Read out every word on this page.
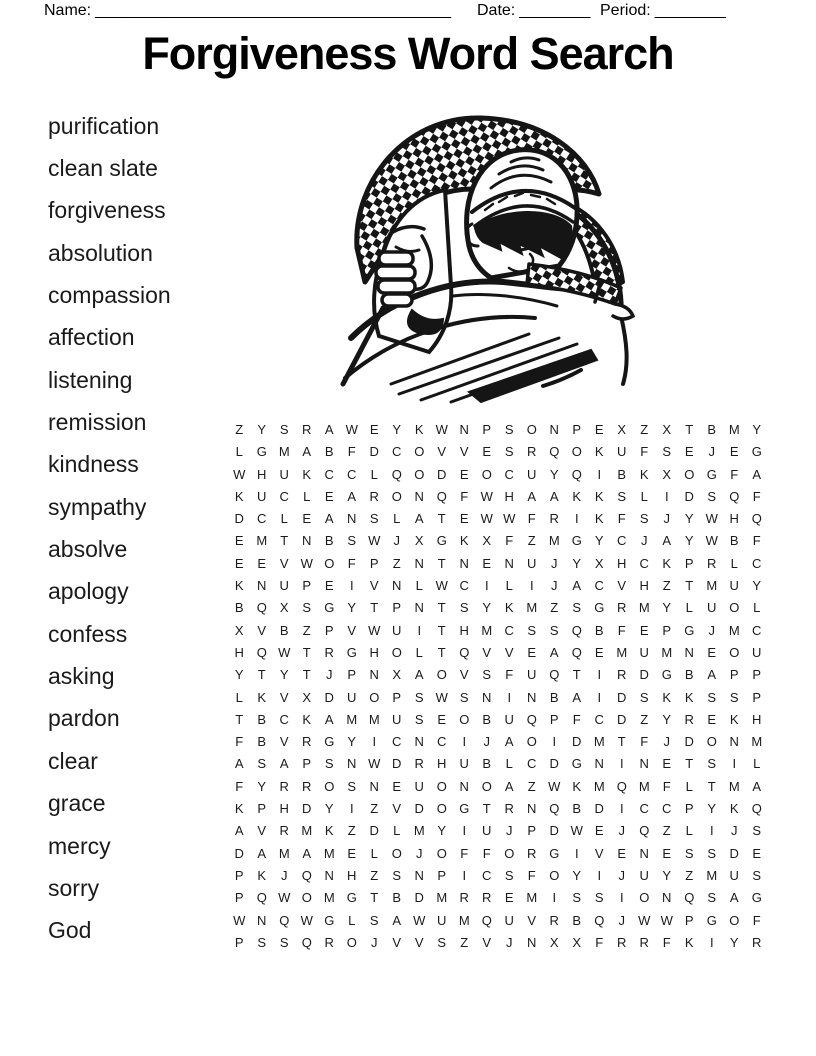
Name: ________________________________________ Date: ________ Period: ________
Forgiveness Word Search
purification
clean slate
forgiveness
absolution
compassion
affection
listening
remission
kindness
sympathy
absolve
apology
confess
asking
pardon
clear
grace
mercy
sorry
God
Z	Y	S	R	A W E	Y	K W N	P	S	O N	P	E	X	Z	X	T	B M Y
L	G M A	B	F	D	C O	V	V	E	S	R Q O	K	U	F	S	E	J	E	G
W H	U	K	C	C	L	Q O D	E	O C	U	Y	Q	I	B	K	X	O G	F	A
K	U	C	L	E	A	R O N Q	F W H	A	A	K	K	S	L	I	D	S	Q	F
D	C	L	E	A	N	S	L	A	T	E W W F	R	I	K	F	S	J	Y W H Q
E M	T	N	B	S W	J	X	G	K	X	F	Z	M G	Y	C	J	A	Y W B	F
E	E	V W O	F	P	Z	N	T	N	E	N	U	J	Y	X	H	C	K	P	R	L	C
K	N	U	P	E	I	V	N	L W C	I	L	I	J	A	C	V	H	Z	T	M U	Y
B	Q	X	S	G	Y	T	P	N	T	S	Y	K M	Z	S	G R M Y	L	U O	L
X	V	B	Z	P	V W U	I	T	H M C	S	S	Q	B	F	E	P	G	J	M C
H Q W T	R G H O	L	T	Q	V	V	E	A	Q	E M U M N	E	O U
Y	T	Y	T	J	P	N	X	A	O	V	S	F	U Q	T	I	R	D G	B	A	P	P
L	K	V	X	D	U O	P	S W S	N	I	N	B	A	I	D	S	K	K	S	S	P
T	B	C	K	A M M U	S	E	O	B	U Q	P	F	C	D	Z	Y	R	E	K	H
F	B	V	R G	Y	I	C	N	C	I	J	A	O	I	D M	T	F	J	D O N M
A	S	A	P	S	N W D	R	H	U	B	L	C	D G N	I	N	E	T	S	I	L
F	Y	R	R O	S	N	E	U O N O	A	Z W K M Q M	F	L	T	M A
K	P	H	D	Y	I	Z	V	D O G	T	R	N Q	B	D	I	C	C	P	Y	K	Q
A	V	R M K	Z	D	L	M Y	I	U	J	P	D W E	J	Q	Z	L	I	J	S
D	A M A M E	L	O	J	O	F	F	O R G	I	V	E	N	E	S	S	D	E
P	K	J	Q N	H	Z	S	N	P	I	C	S	F	O	Y	I	J	U	Y	Z	M U	S
P	Q W O M G	T	B	D M R	R	E M	I	S	S	I	O N Q	S	A	G
W N Q W G	L	S	A W U M Q U	V	R	B	Q	J	W W P	G O	F
P	S	S	Q R O	J	V	V	S	Z	V	J	N	X	X	F	R	R	F	K	I	Y	R
